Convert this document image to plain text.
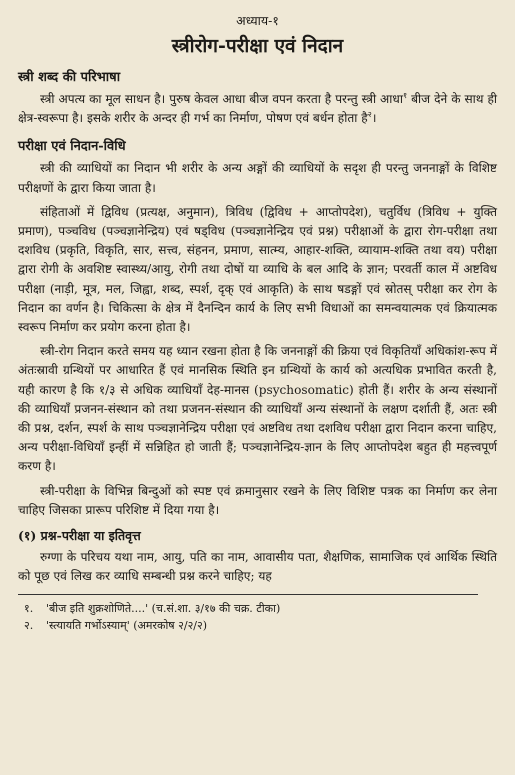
अध्याय-१
स्त्रीरोग-परीक्षा एवं निदान
स्त्री शब्द की परिभाषा

स्त्री अपत्य का मूल साधन है। पुरुष केवल आधा बीज वपन करता है परन्तु स्त्री आधा$^१$ बीज देने के साथ ही क्षेत्र-स्वरूपा है। इसके शरीर के अन्दर ही गर्भ का निर्माण, पोषण एवं बर्धन होता है$^२$।

परीक्षा एवं निदान-विधि

स्त्री की व्याधियों का निदान भी शरीर के अन्य अङ्गों की व्याधियों के सदृश ही परन्तु जननाङ्गों के विशिष्ट परीक्षणों के द्वारा किया जाता है।

संहिताओं में द्विविध (प्रत्यक्ष, अनुमान), त्रिविध (द्विविध + आप्तोपदेश), चतुर्विध (त्रिविध + युक्ति प्रमाण), पञ्चविध (पञ्चज्ञानेन्द्रिय) एवं षड्विध (पञ्चज्ञानेन्द्रिय एवं प्रश्न) परीक्षाओं के द्वारा रोग-परीक्षा तथा दशविध (प्रकृति, विकृति, सार, सत्त्व, संहनन, प्रमाण, सात्म्य, आहार-शक्ति, व्यायाम-शक्ति तथा वय) परीक्षा द्वारा रोगी के अवशिष्ट स्वास्थ्य/आयु, रोगी तथा दोषों या व्याधि के बल आदि के ज्ञान; परवर्ती काल में अष्टविध परीक्षा (नाड़ी, मूत्र, मल, जिह्वा, शब्द, स्पर्श, दृक् एवं आकृति) के साथ षडङ्गों एवं स्रोतस् परीक्षा कर रोग के निदान का वर्णन है। चिकित्सा के क्षेत्र में दैनन्दिन कार्य के लिए सभी विधाओं का समन्वयात्मक एवं क्रियात्मक स्वरूप निर्माण कर प्रयोग करना होता है।

स्त्री-रोग निदान करते समय यह ध्यान रखना होता है कि जननाङ्गों की क्रिया एवं विकृतियाँ अधिकांश-रूप में अंतःस्रावी ग्रन्थियों पर आधारित हैं एवं मानसिक स्थिति इन ग्रन्थियों के कार्य को अत्यधिक प्रभावित करती है, यही कारण है कि १/३ से अधिक व्याधियाँ देह-मानस (psychosomatic) होती हैं। शरीर के अन्य संस्थानों की व्याधियाँ प्रजनन-संस्थान को तथा प्रजनन-संस्थान की व्याधियाँ अन्य संस्थानों के लक्षण दर्शाती हैं, अतः स्त्री की प्रश्न, दर्शन, स्पर्श के साथ पञ्चज्ञानेन्द्रिय परीक्षा एवं अष्टविध तथा दशविध परीक्षा द्वारा निदान करना चाहिए, अन्य परीक्षा-विधियाँ इन्हीं में सन्निहित हो जाती हैं; पञ्चज्ञानेन्द्रिय-ज्ञान के लिए आप्तोपदेश बहुत ही महत्त्वपूर्ण करण है।

स्त्री-परीक्षा के विभिन्न बिन्दुओं को स्पष्ट एवं क्रमानुसार रखने के लिए विशिष्ट पत्रक का निर्माण कर लेना चाहिए जिसका प्रारूप परिशिष्ट में दिया गया है।

(१) प्रश्न-परीक्षा या इतिवृत्त

रुग्णा के परिचय यथा नाम, आयु, पति का नाम, आवासीय पता, शैक्षणिक, सामाजिक एवं आर्थिक स्थिति को पूछ एवं लिख कर व्याधि सम्बन्धी प्रश्न करने चाहिए; यह

१. 'बीज इति शुक्रशोणिते....' (च.सं.शा. ३/१७ की चक्र. टीका)
२. 'स्त्यायति गर्भोऽस्याम्' (अमरकोष २/२/२)
